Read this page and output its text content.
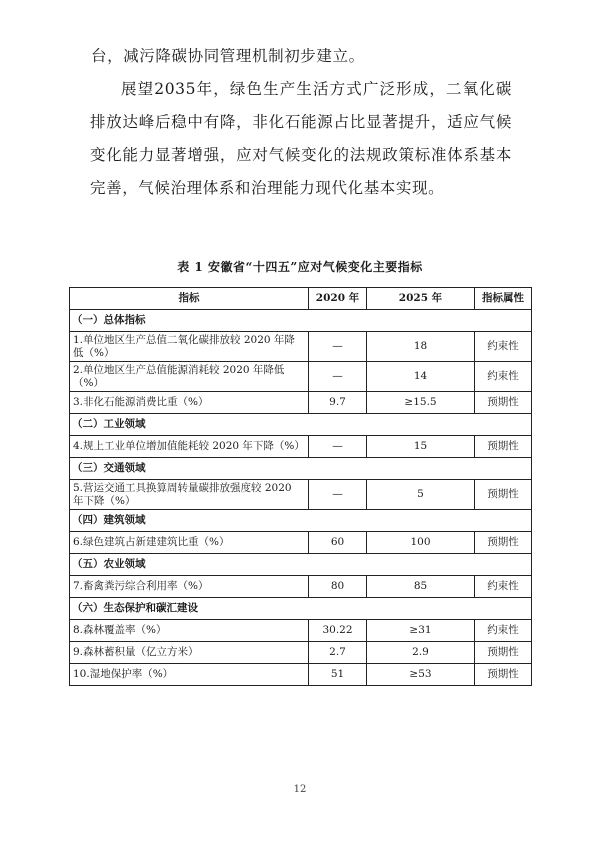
台，减污降碳协同管理机制初步建立。
展望2035年，绿色生产生活方式广泛形成，二氧化碳排放达峰后稳中有降，非化石能源占比显著提升，适应气候变化能力显著增强，应对气候变化的法规政策标准体系基本完善，气候治理体系和治理能力现代化基本实现。
表 1 安徽省“十四五”应对气候变化主要指标
指标	2020 年	2025 年	指标属性
（一）总体指标			
1.单位地区生产总值二氧化碳排放较 2020 年降低（%）	—	18	约束性
2.单位地区生产总值能源消耗较 2020 年降低（%）	—	14	约束性
3.非化石能源消费比重（%）	9.7	≥15.5	预期性
（二）工业领域			
4.规上工业单位增加值能耗较 2020 年下降（%）	—	15	预期性
（三）交通领域			
5.营运交通工具换算周转量碳排放强度较 2020 年下降（%）	—	5	预期性
（四）建筑领域			
6.绿色建筑占新建建筑比重（%）	60	100	预期性
（五）农业领域			
7.畜禽粪污综合利用率（%）	80	85	约束性
（六）生态保护和碳汇建设			
8.森林覆盖率（%）	30.22	≥31	约束性
9.森林蓄积量（亿立方米）	2.7	2.9	预期性
10.湿地保护率（%）	51	≥53	预期性
12
